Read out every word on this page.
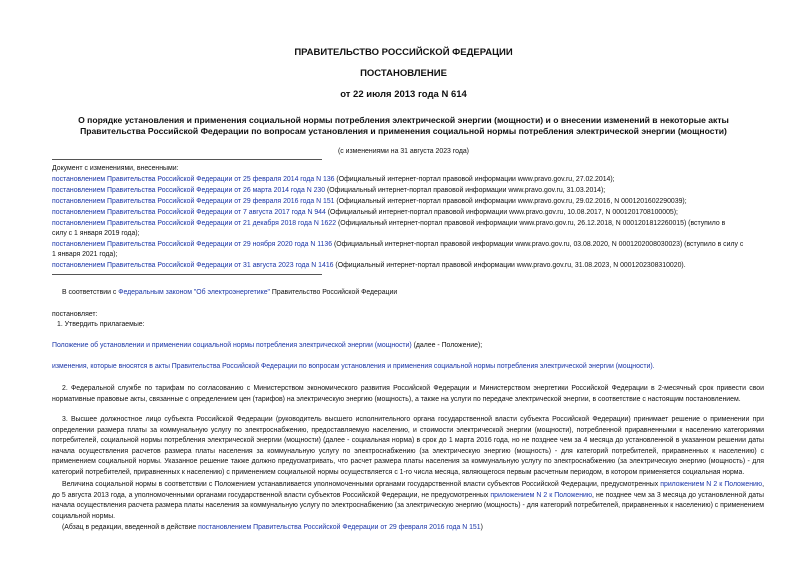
ПРАВИТЕЛЬСТВО РОССИЙСКОЙ ФЕДЕРАЦИИ
ПОСТАНОВЛЕНИЕ
от 22 июля 2013 года N 614
О порядке установления и применения социальной нормы потребления электрической энергии (мощности) и о внесении изменений в некоторые акты
Правительства Российской Федерации по вопросам установления и применения социальной нормы потребления электрической энергии (мощности)
(с изменениями на 31 августа 2023 года)
Документ с изменениями, внесенными:
постановлением Правительства Российской Федерации от 25 февраля 2014 года N 136 (Официальный интернет-портал правовой информации www.pravo.gov.ru, 27.02.2014);
постановлением Правительства Российской Федерации от 26 марта 2014 года N 230 (Официальный интернет-портал правовой информации www.pravo.gov.ru, 31.03.2014);
постановлением Правительства Российской Федерации от 29 февраля 2016 года N 151 (Официальный интернет-портал правовой информации www.pravo.gov.ru, 29.02.2016, N 0001201602290039);
постановлением Правительства Российской Федерации от 7 августа 2017 года N 944 (Официальный интернет-портал правовой информации www.pravo.gov.ru, 10.08.2017, N 0001201708100005);
постановлением Правительства Российской Федерации от 21 декабря 2018 года N 1622 (Официальный интернет-портал правовой информации www.pravo.gov.ru, 26.12.2018, N 0001201812260015) (вступило в
силу с 1 января 2019 года);
постановлением Правительства Российской Федерации от 29 ноября 2020 года N 1136 (Официальный интернет-портал правовой информации www.pravo.gov.ru, 03.08.2020, N 0001202008030023) (вступило в силу с
1 января 2021 года);
постановлением Правительства Российской Федерации от 31 августа 2023 года N 1416 (Официальный интернет-портал правовой информации www.pravo.gov.ru, 31.08.2023, N 0001202308310020).
В соответствии с Федеральным законом "Об электроэнергетике" Правительство Российской Федерации
постановляет:
1. Утвердить прилагаемые:
Положение об установлении и применении социальной нормы потребления электрической энергии (мощности) (далее - Положение);
изменения, которые вносятся в акты Правительства Российской Федерации по вопросам установления и применения социальной нормы потребления электрической энергии (мощности).
2. Федеральной службе по тарифам по согласованию с Министерством экономического развития Российской Федерации и Министерством энергетики Российской Федерации в 2-месячный срок привести свои нормативные правовые акты, связанные с определением цен (тарифов) на электрическую энергию (мощность), а также на услуги по передаче электрической энергии, в соответствие с настоящим постановлением.
3. Высшее должностное лицо субъекта Российской Федерации (руководитель высшего исполнительного органа государственной власти субъекта Российской Федерации) принимает решение о применении при определении размера платы за коммунальную услугу по электроснабжению, предоставляемую населению, и стоимости электрической энергии (мощности), потребленной приравненными к населению категориями потребителей, социальной нормы потребления электрической энергии (мощности) (далее - социальная норма) в срок до 1 марта 2016 года, но не позднее чем за 4 месяца до установленной в указанном решении даты начала осуществления расчетов размера платы населения за коммунальную услугу по электроснабжению (за электрическую энергию (мощность) - для категорий потребителей, приравненных к населению) с применением социальной нормы. Указанное решение также должно предусматривать, что расчет размера платы населения за коммунальную услугу по электроснабжению (за электрическую энергию (мощность) - для категорий потребителей, приравненных к населению) с применением социальной нормы осуществляется с 1-го числа месяца, являющегося первым расчетным периодом, в котором применяется социальная норма.
Величина социальной нормы в соответствии с Положением устанавливается уполномоченными органами государственной власти субъектов Российской Федерации, предусмотренных приложением N 2 к Положению, до 5 августа 2013 года, а уполномоченными органами государственной власти субъектов Российской Федерации, не предусмотренных приложением N 2 к Положению, не позднее чем за 3 месяца до установленной даты начала осуществления расчета размера платы населения за коммунальную услугу по электроснабжению (за электрическую энергию (мощность) - для категорий потребителей, приравненных к населению) с применением социальной нормы.
(Абзац в редакции, введенной в действие постановлением Правительства Российской Федерации от 29 февраля 2016 года N 151)
